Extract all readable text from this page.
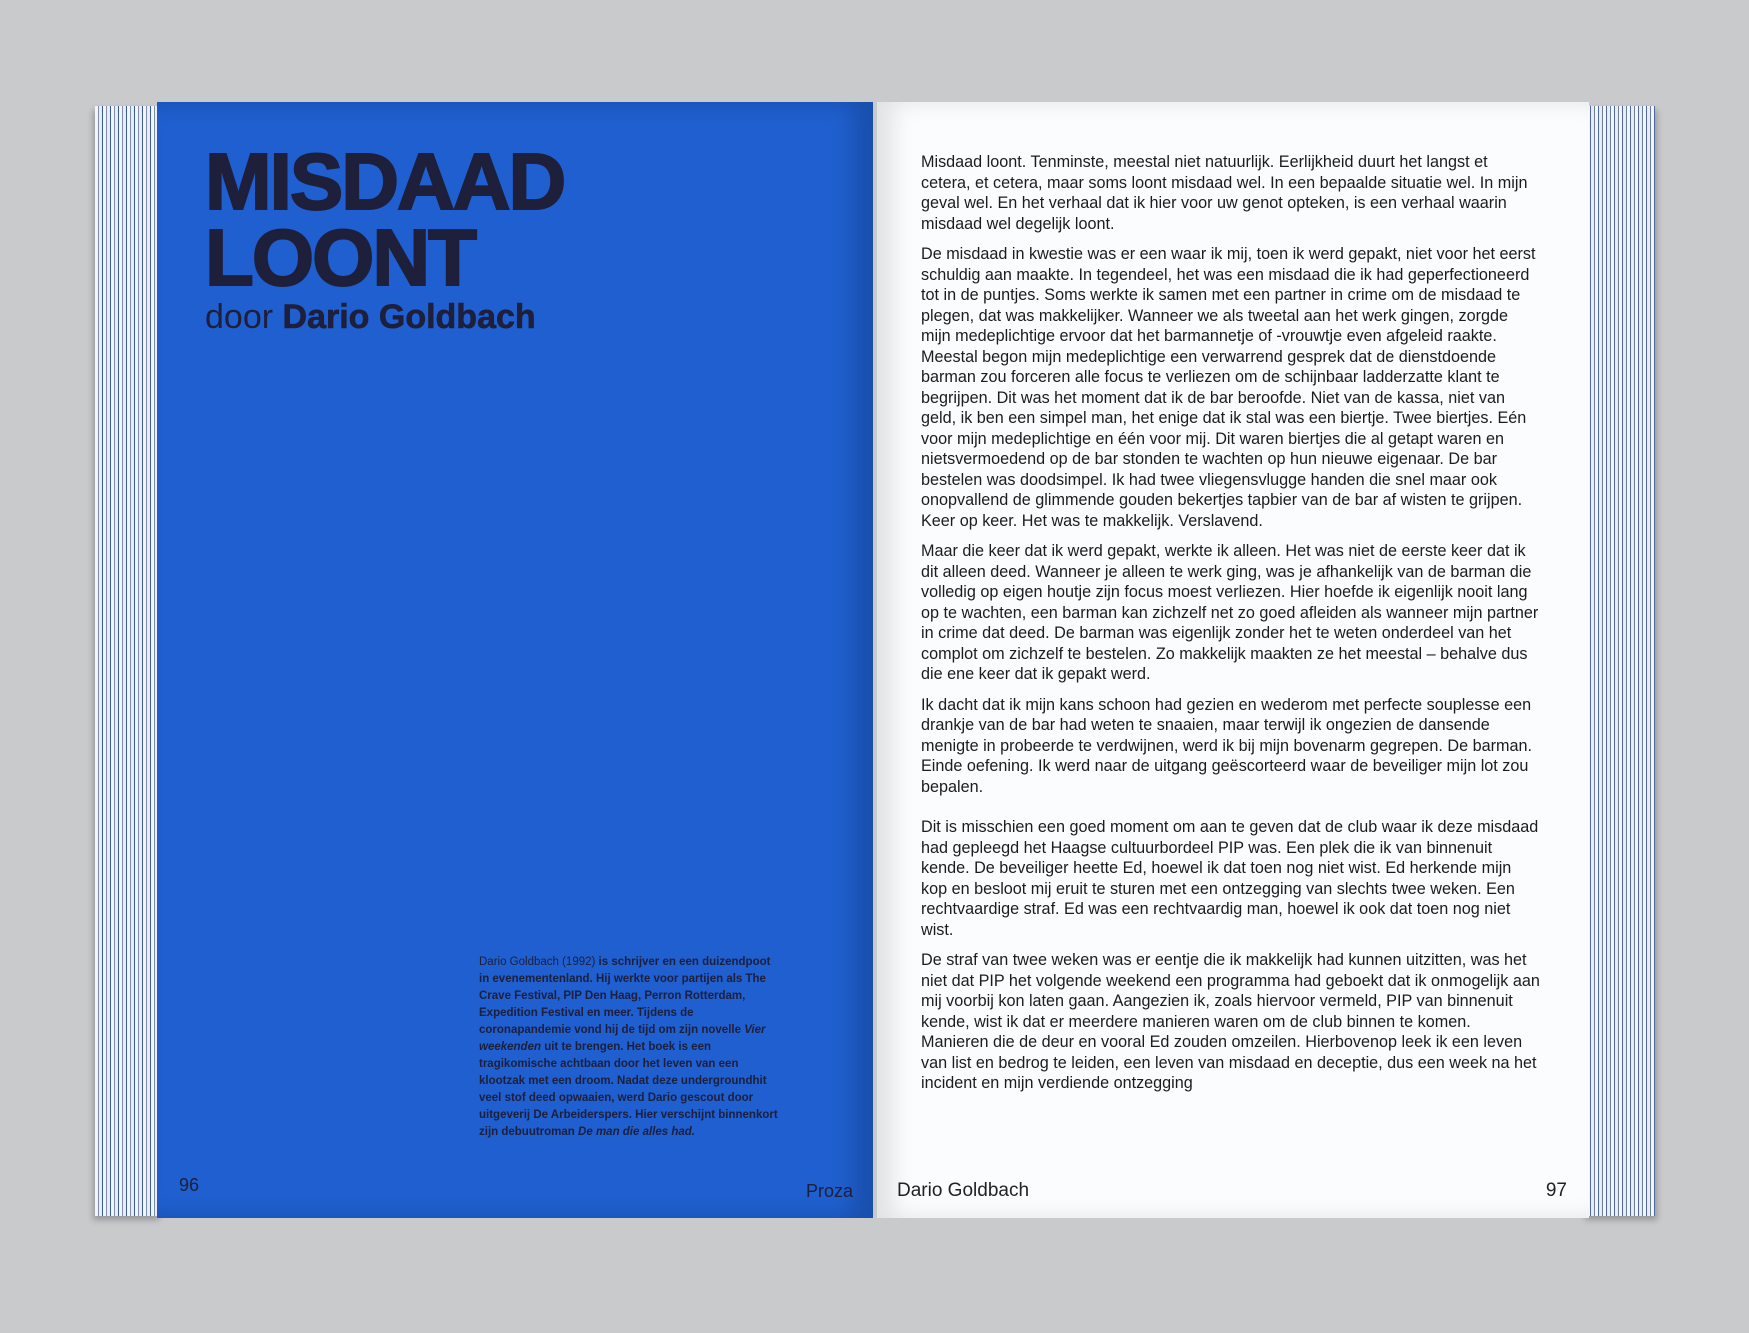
MISDAAD
LOONT
door Dario Goldbach
Dario Goldbach (1992) is schrijver en een duizendpoot in evenementenland. Hij werkte voor partijen als The Crave Festival, PIP Den Haag, Perron Rotterdam, Expedition Festival en meer. Tijdens de coronapandemie vond hij de tijd om zijn novelle Vier weekenden uit te brengen. Het boek is een tragikomische achtbaan door het leven van een klootzak met een droom. Nadat deze undergroundhit veel stof deed opwaaien, werd Dario gescout door uitgeverij De Arbeiderspers. Hier verschijnt binnenkort zijn debuutroman De man die alles had.
96	Proza

Misdaad loont. Tenminste, meestal niet natuurlijk. Eerlijkheid duurt het langst et cetera, et cetera, maar soms loont misdaad wel. In een bepaalde situatie wel. In mijn geval wel. En het verhaal dat ik hier voor uw genot opteken, is een verhaal waarin misdaad wel degelijk loont.

De misdaad in kwestie was er een waar ik mij, toen ik werd gepakt, niet voor het eerst schuldig aan maakte. In tegendeel, het was een misdaad die ik had geperfectioneerd tot in de puntjes. Soms werkte ik samen met een partner in crime om de misdaad te plegen, dat was makkelijker. Wanneer we als tweetal aan het werk gingen, zorgde mijn medeplichtige ervoor dat het barmannetje of -vrouwtje even afgeleid raakte. Meestal begon mijn medeplichtige een verwarrend gesprek dat de dienstdoende barman zou forceren alle focus te verliezen om de schijnbaar ladderzatte klant te begrijpen. Dit was het moment dat ik de bar beroofde. Niet van de kassa, niet van geld, ik ben een simpel man, het enige dat ik stal was een biertje. Twee biertjes. Eén voor mijn medeplichtige en één voor mij. Dit waren biertjes die al getapt waren en nietsvermoedend op de bar stonden te wachten op hun nieuwe eigenaar. De bar bestelen was doodsimpel. Ik had twee vliegensvlugge handen die snel maar ook onopvallend de glimmende gouden bekertjes tapbier van de bar af wisten te grijpen. Keer op keer. Het was te makkelijk. Verslavend.

Maar die keer dat ik werd gepakt, werkte ik alleen. Het was niet de eerste keer dat ik dit alleen deed. Wanneer je alleen te werk ging, was je afhankelijk van de barman die volledig op eigen houtje zijn focus moest verliezen. Hier hoefde ik eigenlijk nooit lang op te wachten, een barman kan zichzelf net zo goed afleiden als wanneer mijn partner in crime dat deed. De barman was eigenlijk zonder het te weten onderdeel van het complot om zichzelf te bestelen. Zo makkelijk maakten ze het meestal – behalve dus die ene keer dat ik gepakt werd.

Ik dacht dat ik mijn kans schoon had gezien en wederom met perfecte souplesse een drankje van de bar had weten te snaaien, maar terwijl ik ongezien de dansende menigte in probeerde te verdwijnen, werd ik bij mijn bovenarm gegrepen. De barman. Einde oefening. Ik werd naar de uitgang geëscorteerd waar de beveiliger mijn lot zou bepalen.

Dit is misschien een goed moment om aan te geven dat de club waar ik deze misdaad had gepleegd het Haagse cultuurbordeel PIP was. Een plek die ik van binnenuit kende. De beveiliger heette Ed, hoewel ik dat toen nog niet wist. Ed herkende mijn kop en besloot mij eruit te sturen met een ontzegging van slechts twee weken. Een rechtvaardige straf. Ed was een rechtvaardig man, hoewel ik ook dat toen nog niet wist.

De straf van twee weken was er eentje die ik makkelijk had kunnen uitzitten, was het niet dat PIP het volgende weekend een programma had geboekt dat ik onmogelijk aan mij voorbij kon laten gaan. Aangezien ik, zoals hiervoor vermeld, PIP van binnenuit kende, wist ik dat er meerdere manieren waren om de club binnen te komen. Manieren die de deur en vooral Ed zouden omzeilen. Hierbovenop leek ik een leven van list en bedrog te leiden, een leven van misdaad en deceptie, dus een week na het incident en mijn verdiende ontzegging

Dario Goldbach	97
